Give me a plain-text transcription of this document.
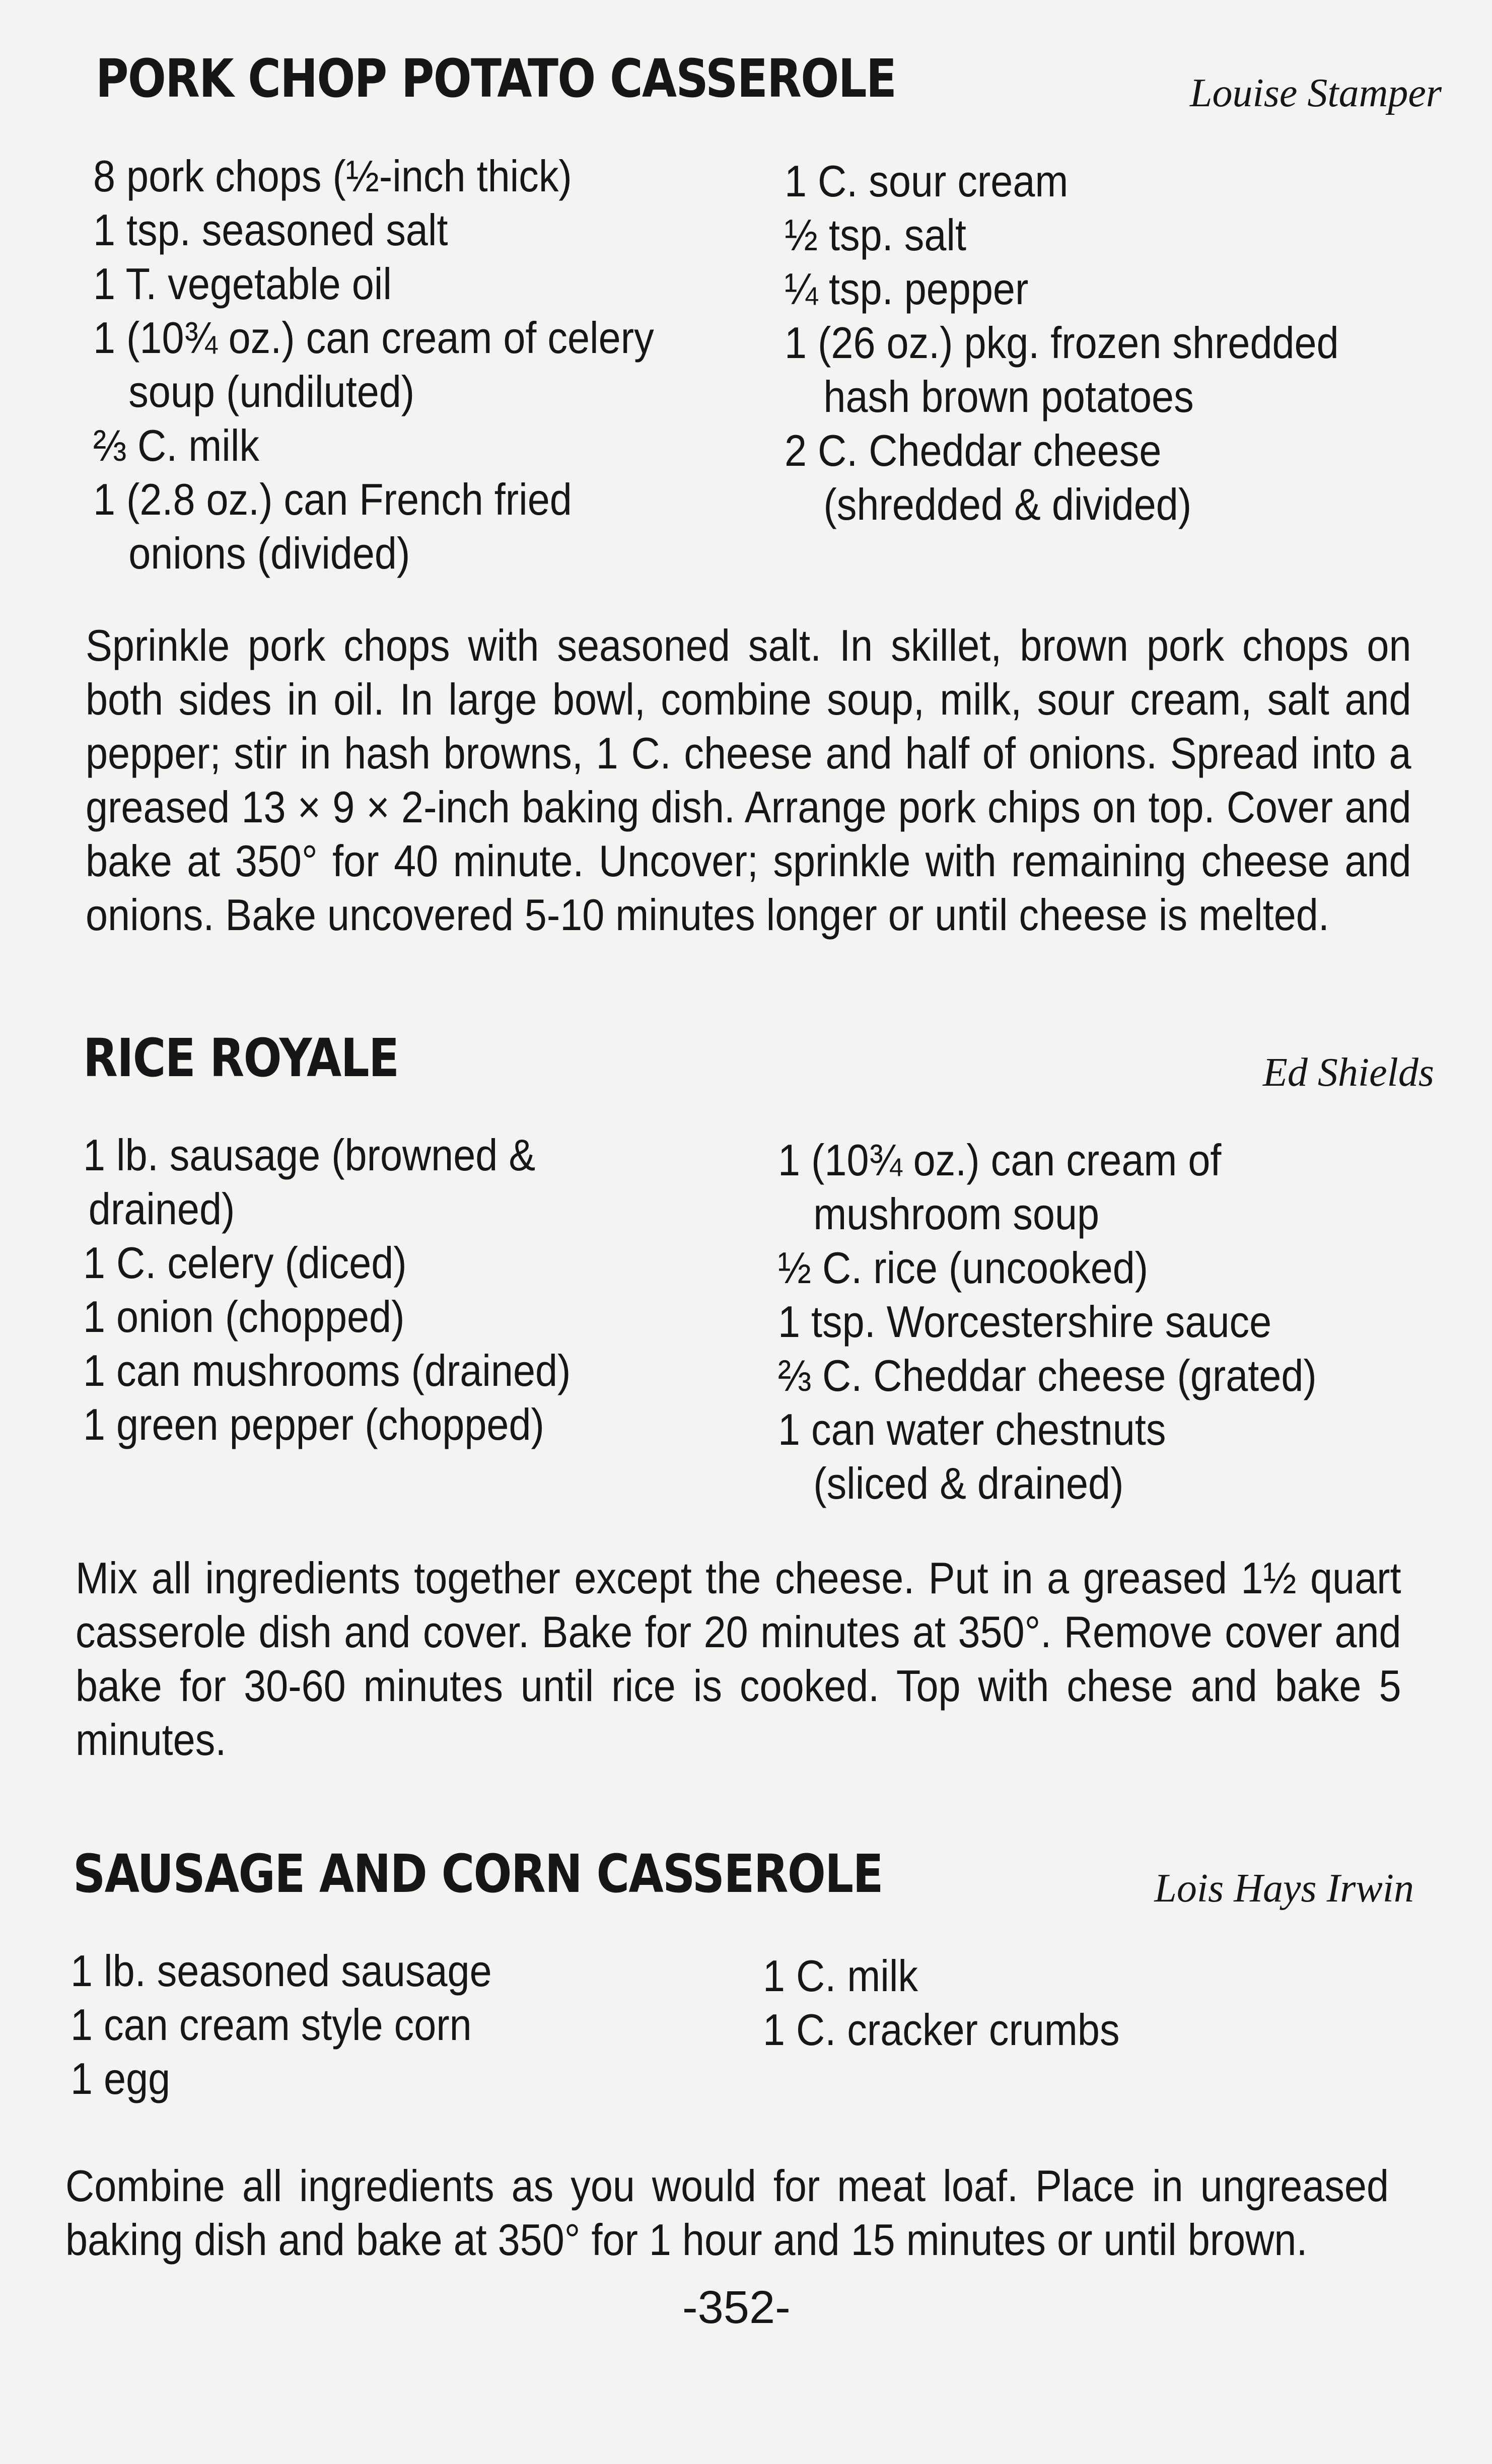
PORK CHOP POTATO CASSEROLE	Louise Stamper
8 pork chops (½-inch thick)
1 tsp. seasoned salt
1 T. vegetable oil
1 (10¾ oz.) can cream of celery
soup (undiluted)
⅔ C. milk
1 (2.8 oz.) can French fried
onions (divided)
1 C. sour cream
½ tsp. salt
¼ tsp. pepper
1 (26 oz.) pkg. frozen shredded
hash brown potatoes
2 C. Cheddar cheese
(shredded & divided)
Sprinkle pork chops with seasoned salt. In skillet, brown pork chops on both sides in oil. In large bowl, combine soup, milk, sour cream, salt and pepper; stir in hash browns, 1 C. cheese and half of onions. Spread into a greased 13 × 9 × 2-inch baking dish. Arrange pork chips on top. Cover and bake at 350° for 40 minute. Uncover; sprinkle with remaining cheese and onions. Bake uncovered 5-10 minutes longer or until cheese is melted.
RICE ROYALE	Ed Shields
1 lb. sausage (browned &
drained)
1 C. celery (diced)
1 onion (chopped)
1 can mushrooms (drained)
1 green pepper (chopped)
1 (10¾ oz.) can cream of
mushroom soup
½ C. rice (uncooked)
1 tsp. Worcestershire sauce
⅔ C. Cheddar cheese (grated)
1 can water chestnuts
(sliced & drained)
Mix all ingredients together except the cheese. Put in a greased 1½ quart casserole dish and cover. Bake for 20 minutes at 350°. Remove cover and bake for 30-60 minutes until rice is cooked. Top with chese and bake 5 minutes.
SAUSAGE AND CORN CASSEROLE	Lois Hays Irwin
1 lb. seasoned sausage
1 can cream style corn
1 egg
1 C. milk
1 C. cracker crumbs
Combine all ingredients as you would for meat loaf. Place in ungreased baking dish and bake at 350° for 1 hour and 15 minutes or until brown.
-352-
